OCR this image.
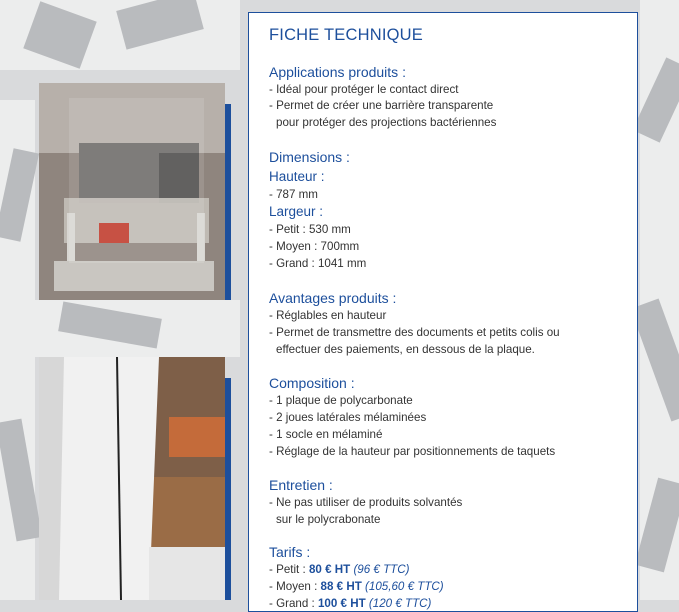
FICHE TECHNIQUE
Applications produits :
- Idéal pour protéger le contact direct
- Permet de créer une barrière transparente
pour protéger des projections bactériennes
Dimensions :
Hauteur :
- 787 mm
Largeur :
- Petit : 530 mm
- Moyen : 700mm
- Grand : 1041 mm
Avantages produits :
- Réglables en hauteur
- Permet de transmettre des documents et petits colis ou
effectuer des paiements, en dessous de la plaque.
Composition :
- 1 plaque de polycarbonate
- 2 joues latérales mélaminées
- 1 socle en mélaminé
- Réglage de la hauteur par positionnements de taquets
Entretien :
- Ne pas utiliser de produits solvantés
sur le polycrabonate
Tarifs :
- Petit : 80 € HT (96 € TTC)
- Moyen : 88 € HT (105,60 € TTC)
- Grand : 100 € HT (120 € TTC)
